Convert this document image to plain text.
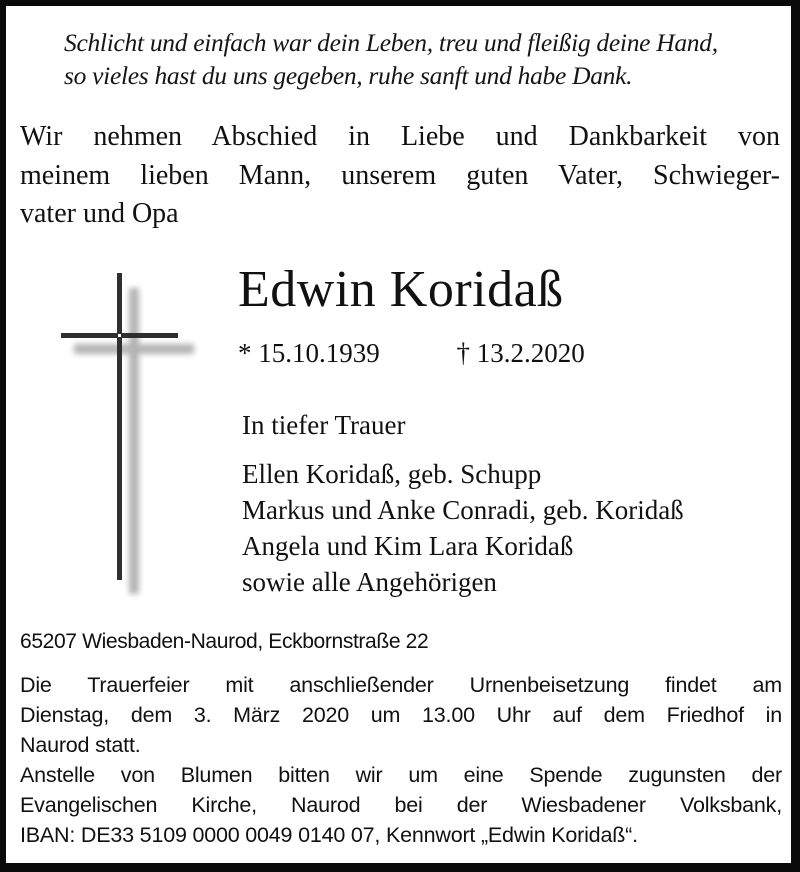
Schlicht und einfach war dein Leben, treu und fleißig deine Hand,
so vieles hast du uns gegeben, ruhe sanft und habe Dank.
Wir nehmen Abschied in Liebe und Dankbarkeit von
meinem lieben Mann, unserem guten Vater, Schwieger-
vater und Opa
Edwin Koridaß
* 15.10.1939	† 13.2.2020
In tiefer Trauer
Ellen Koridaß, geb. Schupp
Markus und Anke Conradi, geb. Koridaß
Angela und Kim Lara Koridaß
sowie alle Angehörigen
65207 Wiesbaden-Naurod, Eckbornstraße 22
Die Trauerfeier mit anschließender Urnenbeisetzung findet am
Dienstag, dem 3. März 2020 um 13.00 Uhr auf dem Friedhof in
Naurod statt.
Anstelle von Blumen bitten wir um eine Spende zugunsten der
Evangelischen Kirche, Naurod bei der Wiesbadener Volksbank,
IBAN: DE33 5109 0000 0049 0140 07, Kennwort „Edwin Koridaß“.
